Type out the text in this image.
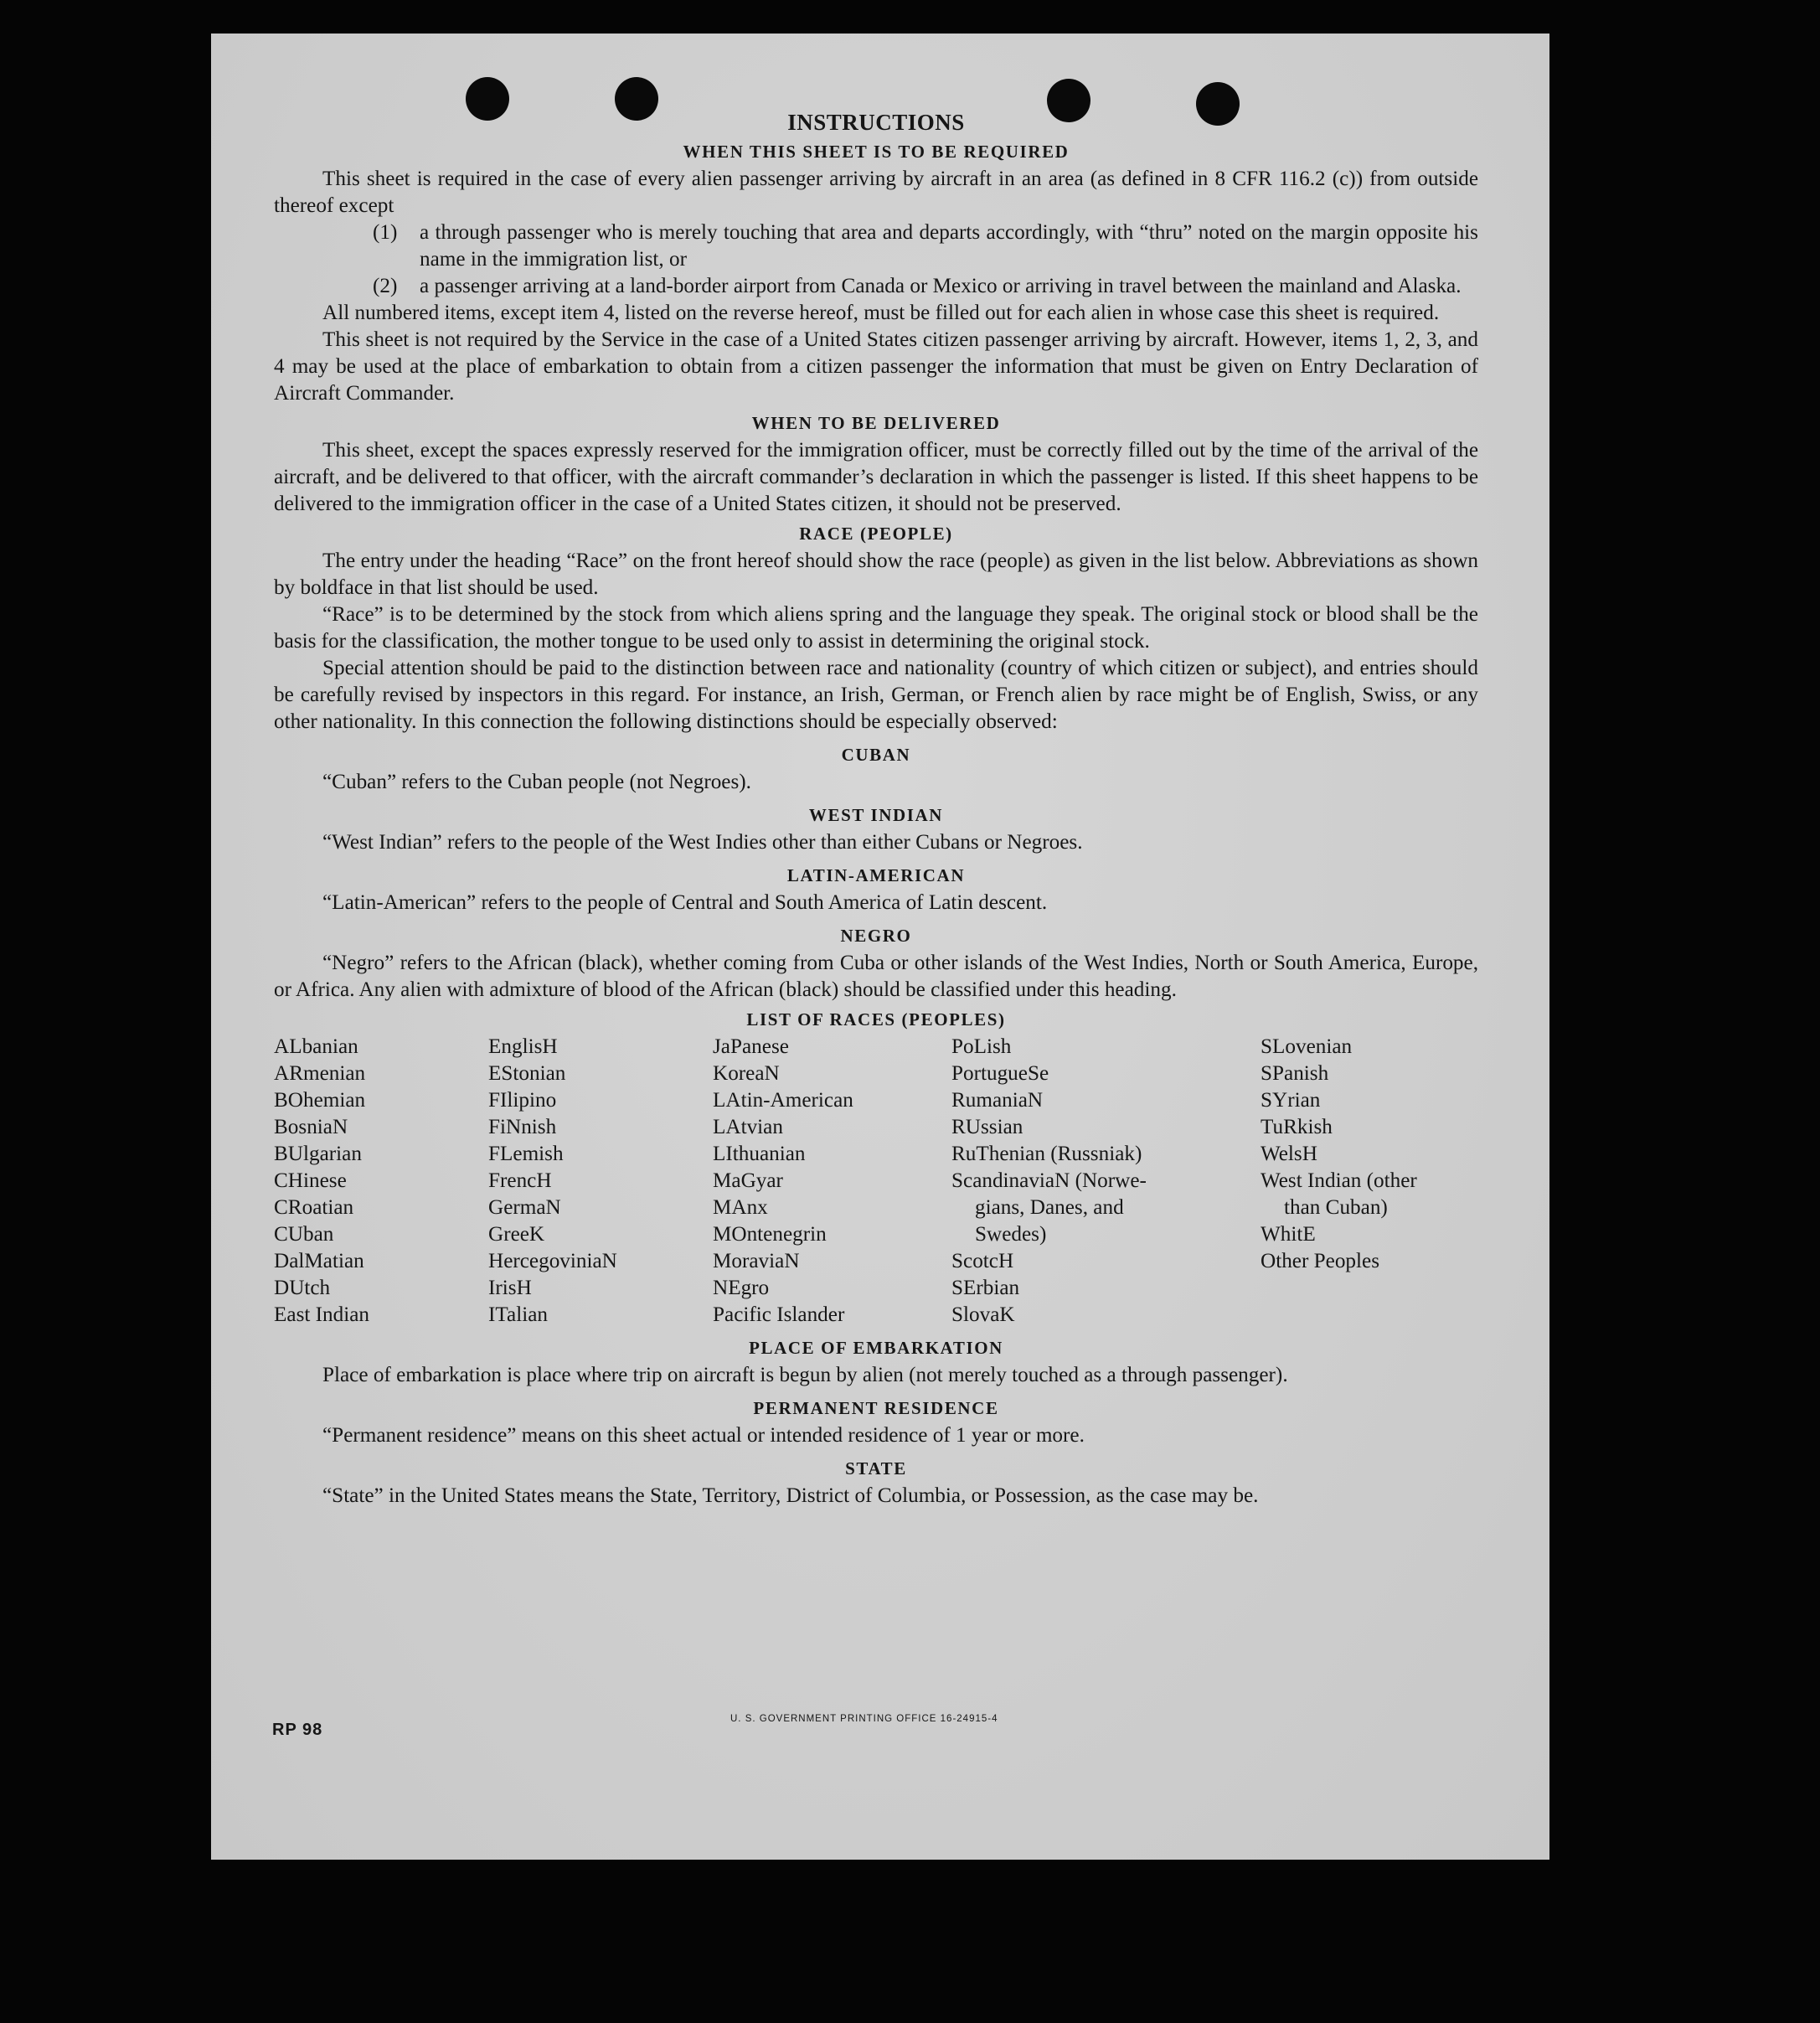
INSTRUCTIONS
WHEN THIS SHEET IS TO BE REQUIRED

This sheet is required in the case of every alien passenger arriving by aircraft in an area (as defined in 8 CFR 116.2 (c)) from outside thereof except

(1)	a through passenger who is merely touching that area and departs accordingly, with “thru” noted on the margin opposite his name in the immigration list, or
(2)	a passenger arriving at a land-border airport from Canada or Mexico or arriving in travel between the mainland and Alaska.

All numbered items, except item 4, listed on the reverse hereof, must be filled out for each alien in whose case this sheet is required.

This sheet is not required by the Service in the case of a United States citizen passenger arriving by aircraft. However, items 1, 2, 3, and 4 may be used at the place of embarkation to obtain from a citizen passenger the information that must be given on Entry Declaration of Aircraft Commander.

WHEN TO BE DELIVERED

This sheet, except the spaces expressly reserved for the immigration officer, must be correctly filled out by the time of the arrival of the aircraft, and be delivered to that officer, with the aircraft commander’s declaration in which the passenger is listed. If this sheet happens to be delivered to the immigration officer in the case of a United States citizen, it should not be preserved.

RACE (PEOPLE)

The entry under the heading “Race” on the front hereof should show the race (people) as given in the list below. Abbreviations as shown by boldface in that list should be used.

“Race” is to be determined by the stock from which aliens spring and the language they speak. The original stock or blood shall be the basis for the classification, the mother tongue to be used only to assist in determining the original stock.

Special attention should be paid to the distinction between race and nationality (country of which citizen or subject), and entries should be carefully revised by inspectors in this regard. For instance, an Irish, German, or French alien by race might be of English, Swiss, or any other nationality. In this connection the following distinctions should be especially observed:

CUBAN

“Cuban” refers to the Cuban people (not Negroes).

WEST INDIAN

“West Indian” refers to the people of the West Indies other than either Cubans or Negroes.

LATIN-AMERICAN

“Latin-American” refers to the people of Central and South America of Latin descent.

NEGRO

“Negro” refers to the African (black), whether coming from Cuba or other islands of the West Indies, North or South America, Europe, or Africa. Any alien with admixture of blood of the African (black) should be classified under this heading.

LIST OF RACES (PEOPLES)
ALbanian
ARmenian
BOhemian
BosniaN
BUlgarian
CHinese
CRoatian
CUban
DalMatian
DUtch
East Indian
EnglisH
EStonian
FIlipino
FiNnish
FLemish
FrencH
GermaN
GreeK
HercegoviniaN
IrisH
ITalian
JaPanese
KoreaN
LAtin-American
LAtvian
LIthuanian
MaGyar
MAnx
MOntenegrin
MoraviaN
NEgro
Pacific Islander
PoLish
PortugueSe
RumaniaN
RUssian
RuThenian (Russniak)
ScandinaviaN (Norwe-
gians, Danes, and
Swedes)
ScotcH
SErbian
SlovaK
SLovenian
SPanish
SYrian
TuRkish
WelsH
West Indian (other
than Cuban)
WhitE
Other Peoples
PLACE OF EMBARKATION

Place of embarkation is place where trip on aircraft is begun by alien (not merely touched as a through passenger).

PERMANENT RESIDENCE

“Permanent residence” means on this sheet actual or intended residence of 1 year or more.

STATE

“State” in the United States means the State, Territory, District of Columbia, or Possession, as the case may be.

RP 98
U. S. GOVERNMENT PRINTING OFFICE 16-24915-4
